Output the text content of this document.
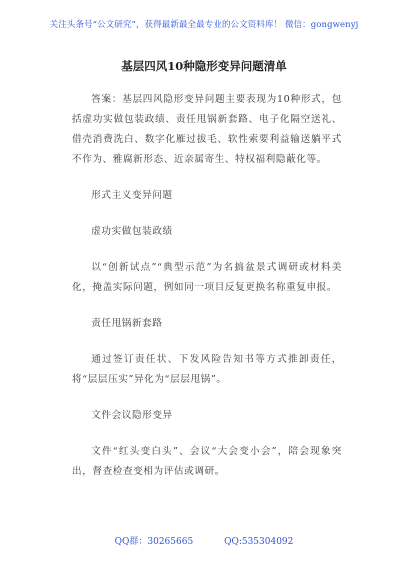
关注头条号“公文研究”，获得最新最全最专业的公文资料库！ 微信：gongwenyj
基层四风10种隐形变异问题清单

答案：基层四风隐形变异问题主要表现为10种形式，包括虚功实做包装政绩、责任甩锅新套路、电子化隔空送礼、借壳消费洗白、数字化雁过拔毛、软性索要利益输送躺平式不作为、雅腐新形态、近亲属寄生、特权福利隐蔽化等。

形式主义变异问题

虚功实做包装政绩

以“创新试点”“典型示范”为名搞盆景式调研或材料美化，掩盖实际问题，例如同一项目反复更换名称重复申报。

责任甩锅新套路

通过签订责任状、下发风险告知书等方式推卸责任，将“层层压实”异化为“层层甩锅”。

文件会议隐形变异

文件“红头变白头”、会议“大会变小会”，陪会现象突出，督查检查变相为评估或调研。

QQ群：30265665	QQ:535304092
